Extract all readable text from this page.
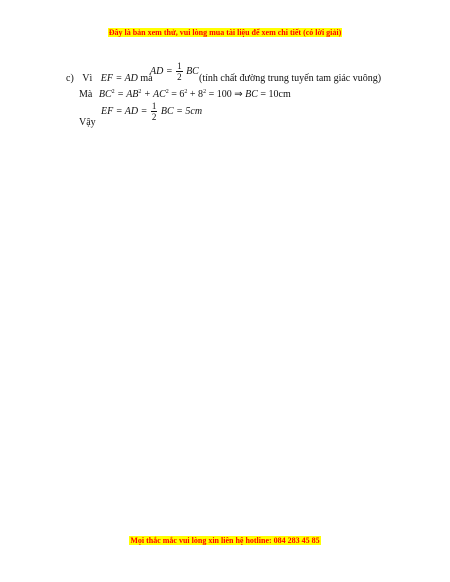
Đây là bản xem thử, vui lòng mua tài liệu để xem chi tiết (có lời giải)
c) Vì EF = AD mà
AD = $\frac{1}{2}$ BC
(tính chất đường trung tuyến tam giác vuông)
Mà $BC^2 = AB^2 + AC^2 = 6^2 + 8^2 = 100$ ⇒ BC = 10cm
Vậy
EF = AD = $\frac{1}{2}$ BC = 5cm
Mọi thắc mắc vui lòng xin liên hệ hotline: 084 283 45 85
